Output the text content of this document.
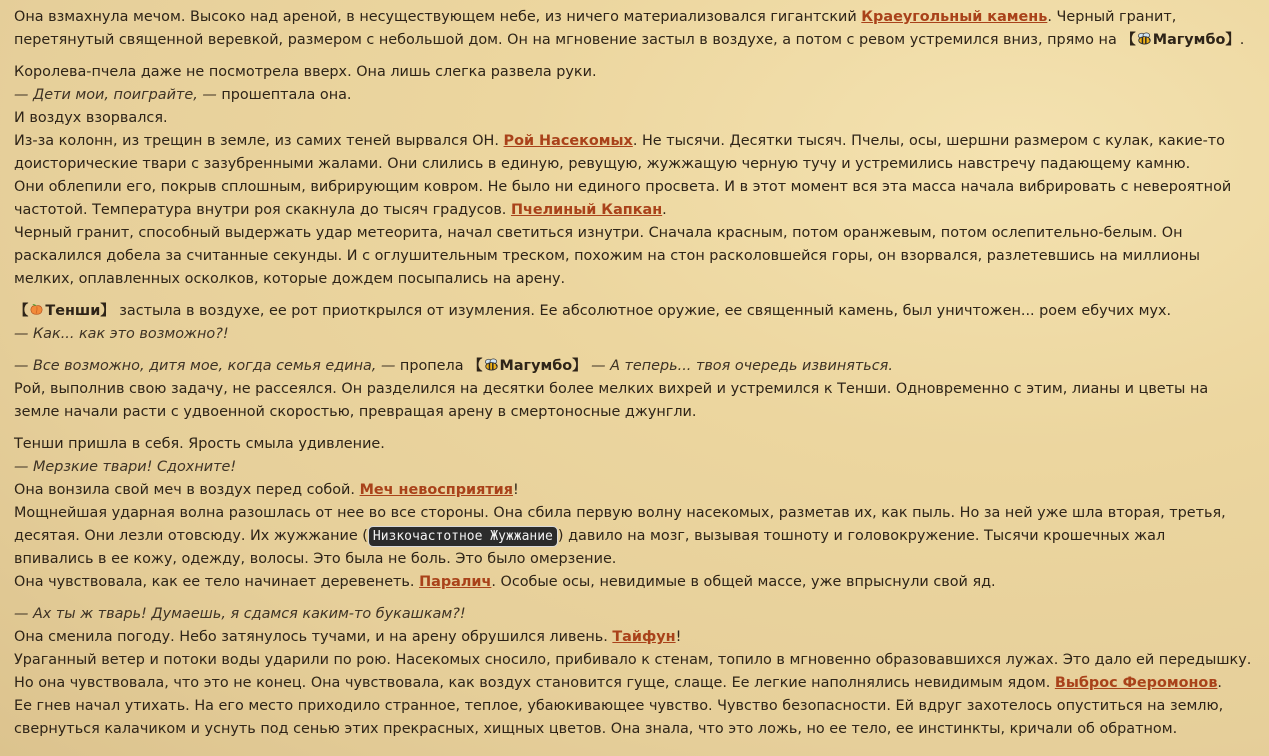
Она взмахнула мечом. Высоко над ареной, в несуществующем небе, из ничего материализовался гигантский Краеугольный камень. Черный гранит,
перетянутый священной веревкой, размером с небольшой дом. Он на мгновение застыл в воздухе, а потом с ревом устремился вниз, прямо на 【 Магумбо】.
Королева-пчела даже не посмотрела вверх. Она лишь слегка развела руки.
— Дети мои, поиграйте, — прошептала она.
И воздух взорвался.
Из-за колонн, из трещин в земле, из самих теней вырвался ОН. Рой Насекомых. Не тысячи. Десятки тысяч. Пчелы, осы, шершни размером с кулак, какие-то
доисторические твари с зазубренными жалами. Они слились в единую, ревущую, жужжащую черную тучу и устремились навстречу падающему камню.
Они облепили его, покрыв сплошным, вибрирующим ковром. Не было ни единого просвета. И в этот момент вся эта масса начала вибрировать с невероятной
частотой. Температура внутри роя скакнула до тысяч градусов. Пчелиный Капкан.
Черный гранит, способный выдержать удар метеорита, начал светиться изнутри. Сначала красным, потом оранжевым, потом ослепительно-белым. Он
раскалился добела за считанные секунды. И с оглушительным треском, похожим на стон расколовшейся горы, он взорвался, разлетевшись на миллионы
мелких, оплавленных осколков, которые дождем посыпались на арену.
【 Тенши】 застыла в воздухе, ее рот приоткрылся от изумления. Ее абсолютное оружие, ее священный камень, был уничтожен... роем ебучих мух.
— Как... как это возможно?!
— Все возможно, дитя мое, когда семья едина, — пропела 【 Магумбо】 — А теперь... твоя очередь извиняться.
Рой, выполнив свою задачу, не рассеялся. Он разделился на десятки более мелких вихрей и устремился к Тенши. Одновременно с этим, лианы и цветы на
земле начали расти с удвоенной скоростью, превращая арену в смертоносные джунгли.
Тенши пришла в себя. Ярость смыла удивление.
— Мерзкие твари! Сдохните!
Она вонзила свой меч в воздух перед собой. Меч невосприятия!
Мощнейшая ударная волна разошлась от нее во все стороны. Она сбила первую волну насекомых, разметав их, как пыль. Но за ней уже шла вторая, третья,
десятая. Они лезли отовсюду. Их жужжание ( Низкочастотное Жужжание ) давило на мозг, вызывая тошноту и головокружение. Тысячи крошечных жал
впивались в ее кожу, одежду, волосы. Это была не боль. Это было омерзение.
Она чувствовала, как ее тело начинает деревенеть. Паралич. Особые осы, невидимые в общей массе, уже впрыснули свой яд.
— Ах ты ж тварь! Думаешь, я сдамся каким-то букашкам?!
Она сменила погоду. Небо затянулось тучами, и на арену обрушился ливень. Тайфун!
Ураганный ветер и потоки воды ударили по рою. Насекомых сносило, прибивало к стенам, топило в мгновенно образовавшихся лужах. Это дало ей передышку.
Но она чувствовала, что это не конец. Она чувствовала, как воздух становится гуще, слаще. Ее легкие наполнялись невидимым ядом. Выброс Феромонов.
Ее гнев начал утихать. На его место приходило странное, теплое, убаюкивающее чувство. Чувство безопасности. Ей вдруг захотелось опуститься на землю,
свернуться калачиком и уснуть под сенью этих прекрасных, хищных цветов. Она знала, что это ложь, но ее тело, ее инстинкты, кричали об обратном.
